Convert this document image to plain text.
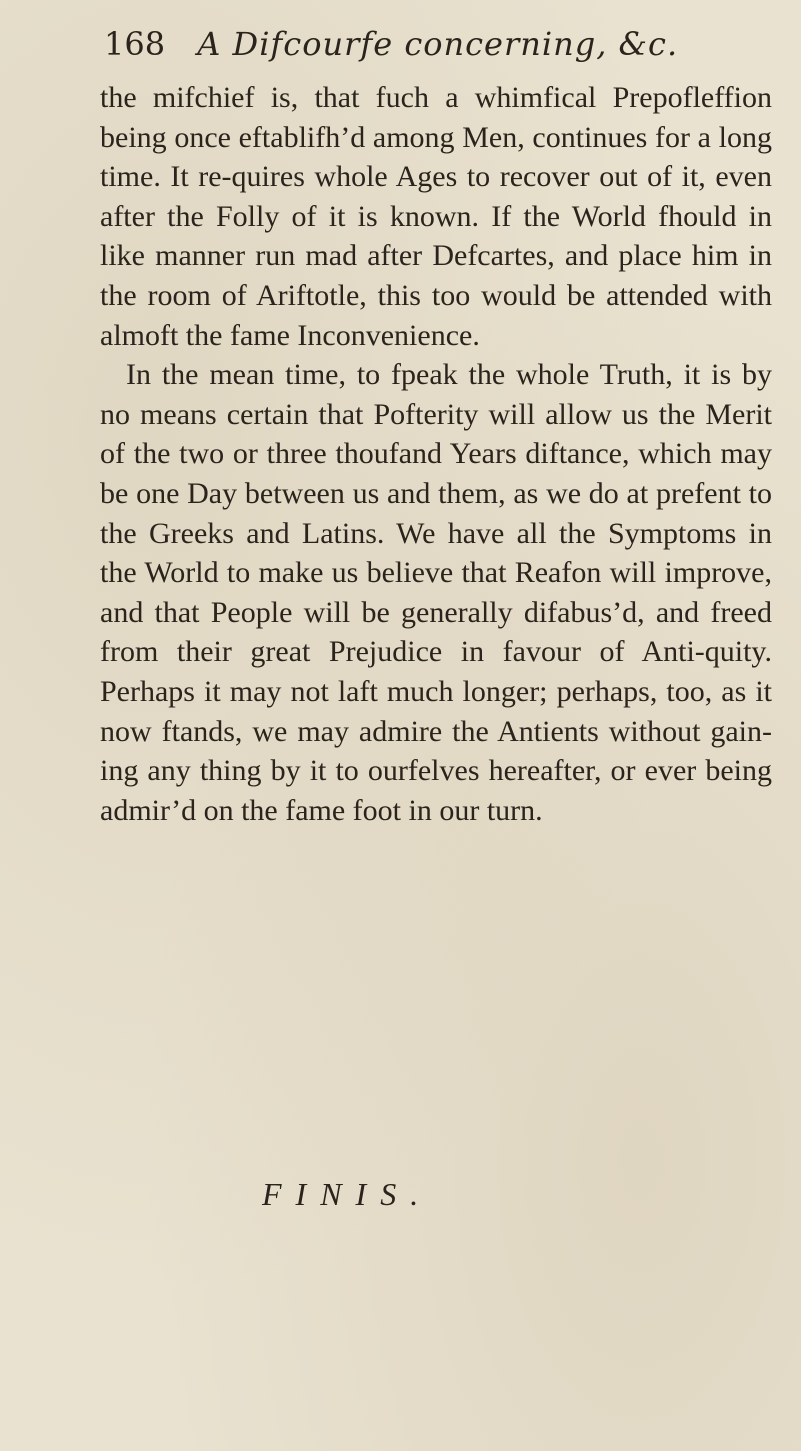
168 A Difcourfe concerning, &c.

the mifchief is, that fuch a whimfical Prepofleffion being once eftablifh’d among Men, continues for a long time. It re-quires whole Ages to recover out of it, even after the Folly of it is known. If the World fhould in like manner run mad after Defcartes, and place him in the room of Ariftotle, this too would be attended with almoft the fame Inconvenience.

In the mean time, to fpeak the whole Truth, it is by no means certain that Pofterity will allow us the Merit of the two or three thoufand Years diftance, which may be one Day between us and them, as we do at prefent to the Greeks and Latins. We have all the Symptoms in the World to make us believe that Reafon will improve, and that People will be generally difabus’d, and freed from their great Prejudice in favour of Anti-quity. Perhaps it may not laft much longer; perhaps, too, as it now ftands, we may admire the Antients without gain-ing any thing by it to ourfelves hereafter, or ever being admir’d on the fame foot in our turn.

FINIS.
